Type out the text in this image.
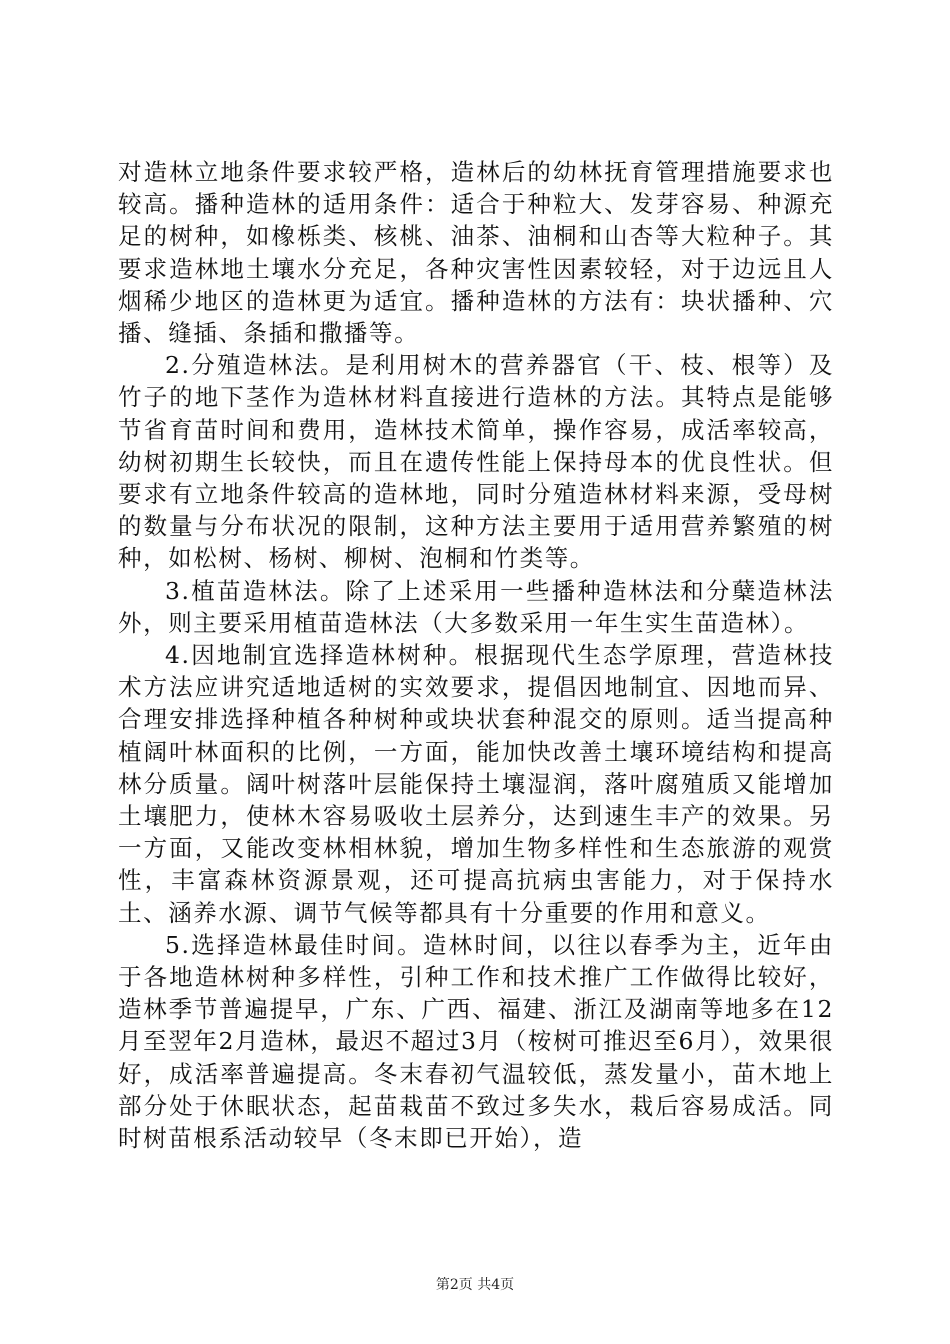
对造林立地条件要求较严格，造林后的幼林抚育管理措施要求也较高。播种造林的适用条件：适合于种粒大、发芽容易、种源充足的树种，如橡栎类、核桃、油茶、油桐和山杏等大粒种子。其要求造林地土壤水分充足，各种灾害性因素较轻，对于边远且人烟稀少地区的造林更为适宜。播种造林的方法有：块状播种、穴播、缝插、条插和撒播等。

2.分殖造林法。是利用树木的营养器官（干、枝、根等）及竹子的地下茎作为造林材料直接进行造林的方法。其特点是能够节省育苗时间和费用，造林技术简单，操作容易，成活率较高，幼树初期生长较快，而且在遗传性能上保持母本的优良性状。但要求有立地条件较高的造林地，同时分殖造林材料来源，受母树的数量与分布状况的限制，这种方法主要用于适用营养繁殖的树种，如松树、杨树、柳树、泡桐和竹类等。

3.植苗造林法。除了上述采用一些播种造林法和分蘖造林法外，则主要采用植苗造林法（大多数采用一年生实生苗造林）。

4.因地制宜选择造林树种。根据现代生态学原理，营造林技术方法应讲究适地适树的实效要求，提倡因地制宜、因地而异、合理安排选择种植各种树种或块状套种混交的原则。适当提高种植阔叶林面积的比例，一方面，能加快改善土壤环境结构和提高林分质量。阔叶树落叶层能保持土壤湿润，落叶腐殖质又能增加土壤肥力，使林木容易吸收土层养分，达到速生丰产的效果。另一方面，又能改变林相林貌，增加生物多样性和生态旅游的观赏性，丰富森林资源景观，还可提高抗病虫害能力，对于保持水土、涵养水源、调节气候等都具有十分重要的作用和意义。

5.选择造林最佳时间。造林时间，以往以春季为主，近年由于各地造林树种多样性，引种工作和技术推广工作做得比较好，造林季节普遍提早，广东、广西、福建、浙江及湖南等地多在12月至翌年2月造林，最迟不超过3月（桉树可推迟至6月），效果很好，成活率普遍提高。冬末春初气温较低，蒸发量小，苗木地上部分处于休眠状态，起苗栽苗不致过多失水，栽后容易成活。同时树苗根系活动较早（冬末即已开始），造

第2页 共4页
